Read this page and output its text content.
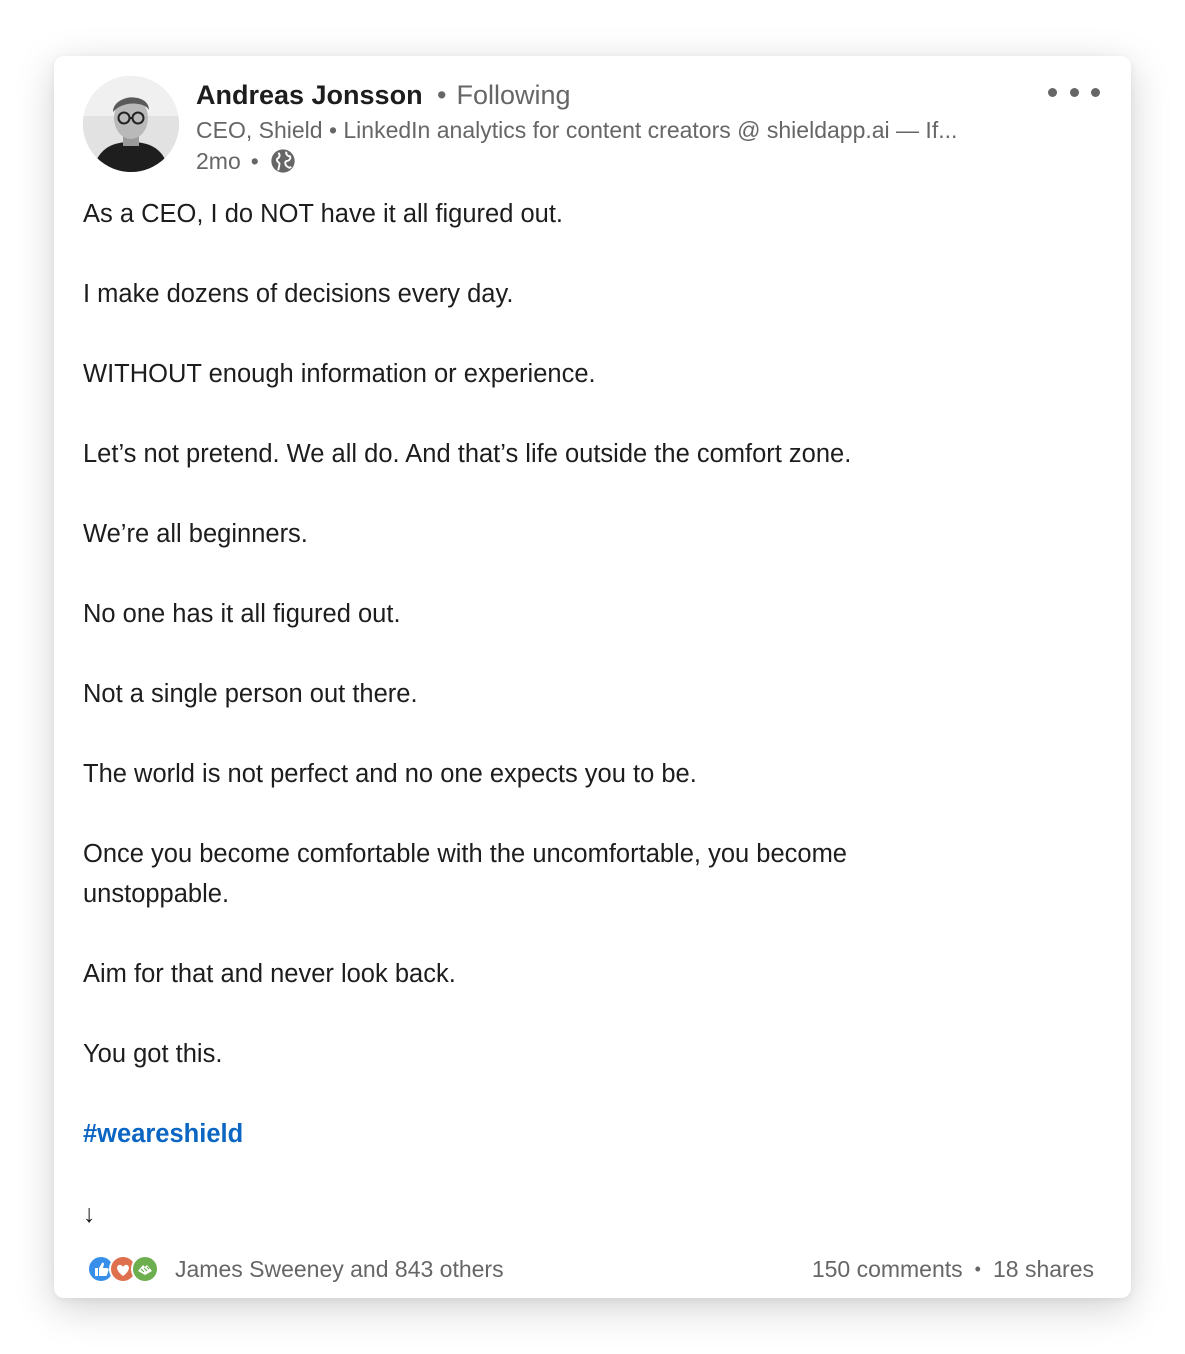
Andreas Jonsson • Following
CEO, Shield • LinkedIn analytics for content creators @ shieldapp.ai — If...
2mo •

As a CEO, I do NOT have it all figured out.

I make dozens of decisions every day.

WITHOUT enough information or experience.

Let’s not pretend. We all do. And that’s life outside the comfort zone.

We’re all beginners.

No one has it all figured out.

Not a single person out there.

The world is not perfect and no one expects you to be.

Once you become comfortable with the uncomfortable, you become unstoppable.

Aim for that and never look back.

You got this.

#weareshield

↓

James Sweeney and 843 others	150 comments • 18 shares
